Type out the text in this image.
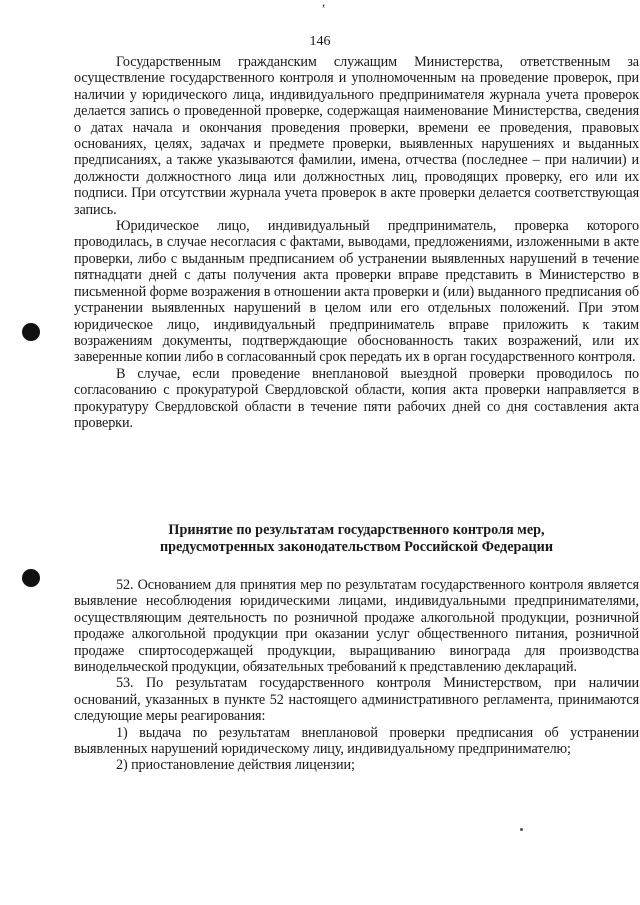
ᵜ
146

Государственным гражданским служащим Министерства, ответственным за осуществление государственного контроля и уполномоченным на проведение проверок, при наличии у юридического лица, индивидуального предпринимателя журнала учета проверок делается запись о проведенной проверке, содержащая наименование Министерства, сведения о датах начала и окончания проведения проверки, времени ее проведения, правовых основаниях, целях, задачах и предмете проверки, выявленных нарушениях и выданных предписаниях, а также указываются фамилии, имена, отчества (последнее – при наличии) и должности должностного лица или должностных лиц, проводящих проверку, его или их подписи. При отсутствии журнала учета проверок в акте проверки делается соответствующая запись.

Юридическое лицо, индивидуальный предприниматель, проверка которого проводилась, в случае несогласия с фактами, выводами, предложениями, изложенными в акте проверки, либо с выданным предписанием об устранении выявленных нарушений в течение пятнадцати дней с даты получения акта проверки вправе представить в Министерство в письменной форме возражения в отношении акта проверки и (или) выданного предписания об устранении выявленных нарушений в целом или его отдельных положений. При этом юридическое лицо, индивидуальный предприниматель вправе приложить к таким возражениям документы, подтверждающие обоснованность таких возражений, или их заверенные копии либо в согласованный срок передать их в орган государственного контроля.

В случае, если проведение внеплановой выездной проверки проводилось по согласованию с прокуратурой Свердловской области, копия акта проверки направляется в прокуратуру Свердловской области в течение пяти рабочих дней со дня составления акта проверки.

Принятие по результатам государственного контроля мер,
предусмотренных законодательством Российской Федерации

52. Основанием для принятия мер по результатам государственного контроля является выявление несоблюдения юридическими лицами, индивидуальными предпринимателями, осуществляющим деятельность по розничной продаже алкогольной продукции, розничной продаже алкогольной продукции при оказании услуг общественного питания, розничной продаже спиртосодержащей продукции, выращиванию винограда для производства винодельческой продукции, обязательных требований к представлению деклараций.

53. По результатам государственного контроля Министерством, при наличии оснований, указанных в пункте 52 настоящего административного регламента, принимаются следующие меры реагирования:

1) выдача по результатам внеплановой проверки предписания об устранении выявленных нарушений юридическому лицу, индивидуальному предпринимателю;

2) приостановление действия лицензии;
